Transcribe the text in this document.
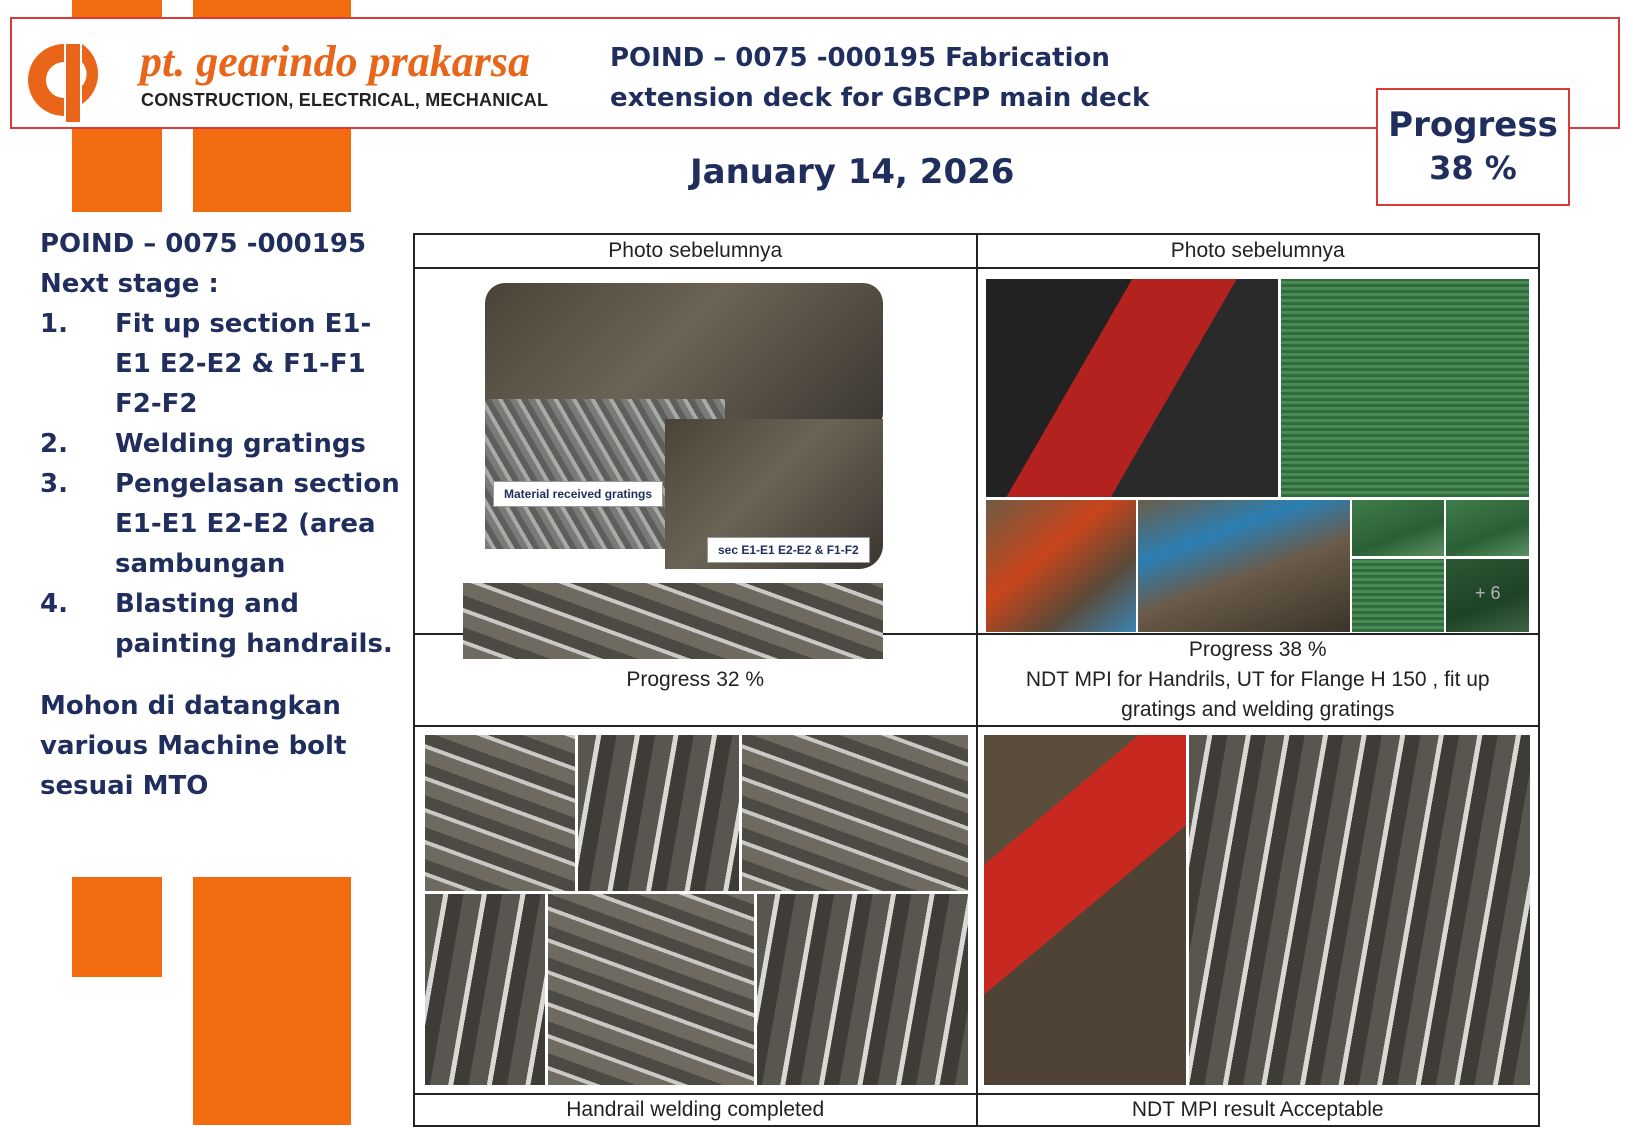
pt. gearindo prakarsa
CONSTRUCTION, ELECTRICAL, MECHANICAL
POIND – 0075 -000195 Fabrication
extension deck for GBCPP main deck
Progress
38 %
January 14, 2026
POIND – 0075 -000195
Next stage :
1.	Fit up section E1-E1 E2-E2 & F1-F1 F2-F2
2.	Welding gratings
3.	Pengelasan section E1-E1 E2-E2 (area sambungan
4.	Blasting and painting handrails.
Mohon di datangkan various Machine bolt sesuai MTO
Photo sebelumnya	Photo sebelumnya

Material received gratings
sec E1-E1 E2-E2 & F1-F2	+ 6

Progress 32 %	Progress 38 %
NDT MPI for Handrils, UT for Flange H 150 , fit up gratings and welding gratings

Handrail welding completed	NDT MPI result Acceptable
